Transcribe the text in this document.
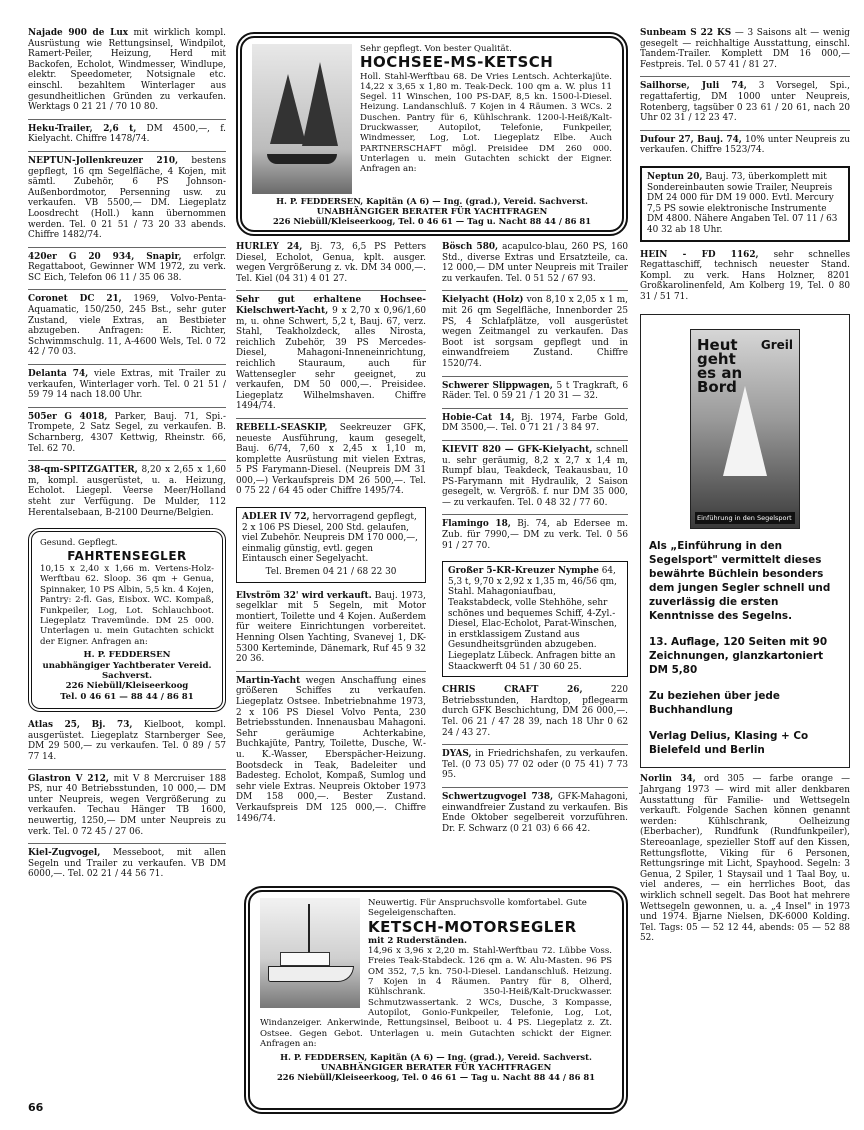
Najade 900 de Lux mit wirklich kompl. Ausrüstung wie Rettungsinsel, Windpilot, Ramert-Peiler, Heizung, Herd mit Backofen, Echolot, Windmesser, Windlupe, elektr. Speedometer, Notsignale etc. einschl. bezahltem Winterlager aus gesundheitlichen Gründen zu verkaufen. Werktags 0 21 21 / 70 10 80.
Heku-Trailer, 2,6 t, DM 4500,—, f. Kielyacht. Chiffre 1478/74.
NEPTUN-Jollenkreuzer 210, bestens gepflegt, 16 qm Segelfläche, 4 Kojen, mit sämtl. Zubehör, 6 PS Johnson-Außenbordmotor, Persenning usw. zu verkaufen. VB 5500,— DM. Liegeplatz Loosdrecht (Holl.) kann übernommen werden. Tel. 0 21 51 / 73 20 33 abends. Chiffre 1482/74.
420er G 20 934, Snapir, erfolgr. Regattaboot, Gewinner WM 1972, zu verk. SC Eich, Telefon 06 11 / 35 06 38.
Coronet DC 21, 1969, Volvo-Penta-Aquamatic, 150/250, 245 Bst., sehr guter Zustand, viele Extras, an Bestbieter abzugeben. Anfragen: E. Richter, Schwimmschulg. 11, A-4600 Wels, Tel. 0 72 42 / 70 03.
Delanta 74, viele Extras, mit Trailer zu verkaufen, Winterlager vorh. Tel. 0 21 51 / 59 79 14 nach 18.00 Uhr.
505er G 4018, Parker, Bauj. 71, Spi.-Trompete, 2 Satz Segel, zu verkaufen. B. Scharnberg, 4307 Kettwig, Rheinstr. 66, Tel. 62 70.
38-qm-SPITZGATTER, 8,20 x 2,65 x 1,60 m, kompl. ausgerüstet, u. a. Heizung, Echolot. Liegepl. Veerse Meer/Holland steht zur Verfügung. De Mulder, 112 Herentalsebaan, B-2100 Deurne/Belgien.
Gesund. Gepflegt.
FAHRTENSEGLER
10,15 x 2,40 x 1,66 m. Vertens-Holz-Werftbau 62. Sloop. 36 qm + Genua, Spinnaker, 10 PS Albin, 5,5 kn. 4 Kojen, Pantry: 2-fl. Gas, Eisbox. WC. Kompaß, Funkpeiler, Log, Lot. Schlauchboot. Liegeplatz Travemünde. DM 25 000. Unterlagen u. mein Gutachten schickt der Eigner. Anfragen an:
H. P. FEDDERSEN
unabhängiger Yachtberater Vereid. Sachverst.
226 Niebüll/Kleiseerkoog
Tel. 0 46 61 — 88 44 / 86 81
Atlas 25, Bj. 73, Kielboot, kompl. ausgerüstet. Liegeplatz Starnberger See, DM 29 500,— zu verkaufen. Tel. 0 89 / 57 77 14.
Glastron V 212, mit V 8 Mercruiser 188 PS, nur 40 Betriebsstunden, 10 000,— DM unter Neupreis, wegen Vergrößerung zu verkaufen. Techau Hänger TB 1600, neuwertig, 1250,— DM unter Neupreis zu verk. Tel. 0 72 45 / 27 06.
Kiel-Zugvogel, Messeboot, mit allen Segeln und Trailer zu verkaufen. VB DM 6000,—. Tel. 02 21 / 44 56 71.
Sehr gepflegt. Von bester Qualität.
HOCHSEE-MS-KETSCH
Holl. Stahl-Werftbau 68. De Vries Lentsch. Achterkajüte. 14,22 x 3,65 x 1,80 m. Teak-Deck. 100 qm a. W. plus 11 Segel. 11 Winschen, 100 PS-DAF, 8,5 kn. 1500-l-Diesel. Heizung. Landanschluß. 7 Kojen in 4 Räumen. 3 WCs. 2 Duschen. Pantry für 6, Kühlschrank. 1200-l-Heiß/Kalt-Druckwasser, Autopilot, Telefonie, Funkpeiler, Windmesser, Log, Lot. Liegeplatz Elbe. Auch PARTNERSCHAFT mögl. Preisidee DM 260 000. Unterlagen u. mein Gutachten schickt der Eigner. Anfragen an:
H. P. FEDDERSEN, Kapitän (A 6) — Ing. (grad.), Vereid. Sachverst.
UNABHÄNGIGER BERATER FÜR YACHTFRAGEN
226 Niebüll/Kleiseerkoog, Tel. 0 46 61 — Tag u. Nacht 88 44 / 86 81
HURLEY 24, Bj. 73, 6,5 PS Petters Diesel, Echolot, Genua, kplt. ausger. wegen Vergrößerung z. vk. DM 34 000,—. Tel. Kiel (04 31) 4 01 27.
Sehr gut erhaltene Hochsee-Kielschwert-Yacht, 9 x 2,70 x 0,96/1,60 m, u. ohne Schwert, 5,2 t, Bauj. 67, verz. Stahl, Teakholzdeck, alles Nirosta, reichlich Zubehör, 39 PS Mercedes-Diesel, Mahagoni-Inneneinrichtung, reichlich Stauraum, auch für Wattensegler sehr geeignet, zu verkaufen, DM 50 000,—. Preisidee. Liegeplatz Wilhelmshaven. Chiffre 1494/74.
REBELL-SEASKIP, Seekreuzer GFK, neueste Ausführung, kaum gesegelt, Bauj. 6/74, 7,60 x 2,45 x 1,10 m, komplette Ausrüstung mit vielen Extras, 5 PS Farymann-Diesel. (Neupreis DM 31 000,—) Verkaufspreis DM 26 500,—. Tel. 0 75 22 / 64 45 oder Chiffre 1495/74.
ADLER IV 72, hervorragend gepflegt, 2 x 106 PS Diesel, 200 Std. gelaufen, viel Zubehör. Neupreis DM 170 000,—, einmalig günstig, evtl. gegen Eintausch einer Segelyacht.
Tel. Bremen 04 21 / 68 22 30
Elvström 32' wird verkauft. Bauj. 1973, segelklar mit 5 Segeln, mit Motor montiert, Toilette und 4 Kojen. Außerdem für weitere Einrichtungen vorbereitet. Henning Olsen Yachting, Svanevej 1, DK-5300 Kerteminde, Dänemark, Ruf 45 9 32 20 36.
Martin-Yacht wegen Anschaffung eines größeren Schiffes zu verkaufen. Liegeplatz Ostsee. Inbetriebnahme 1973, 2 x 106 PS Diesel Volvo Penta, 230 Betriebsstunden. Innenausbau Mahagoni. Sehr geräumige Achterkabine, Buchkajüte, Pantry, Toilette, Dusche, W.- u. K.-Wasser, Eberspächer-Heizung. Bootsdeck in Teak, Badeleiter und Badesteg. Echolot, Kompaß, Sumlog und sehr viele Extras. Neupreis Oktober 1973 DM 158 000,—. Bester Zustand. Verkaufspreis DM 125 000,—. Chiffre 1496/74.
Bösch 580, acapulco-blau, 260 PS, 160 Std., diverse Extras und Ersatzteile, ca. 12 000,— DM unter Neupreis mit Trailer zu verkaufen. Tel. 0 51 52 / 67 93.
Kielyacht (Holz) von 8,10 x 2,05 x 1 m, mit 26 qm Segelfläche, Innenborder 25 PS, 4 Schlafplätze, voll ausgerüstet wegen Zeitmangel zu verkaufen. Das Boot ist sorgsam gepflegt und in einwandfreiem Zustand. Chiffre 1520/74.
Schwerer Slippwagen, 5 t Tragkraft, 6 Räder. Tel. 0 59 21 / 1 20 31 — 32.
Hobie-Cat 14, Bj. 1974, Farbe Gold, DM 3500,—. Tel. 0 71 21 / 3 84 97.
KIEVIT 820 — GFK-Kielyacht, schnell u. sehr geräumig, 8,2 x 2,7 x 1,4 m, Rumpf blau, Teakdeck, Teakausbau, 10 PS-Farymann mit Hydraulik, 2 Saison gesegelt, w. Vergröß. f. nur DM 35 000,— zu verkaufen. Tel. 0 48 32 / 77 60.
Flamingo 18, Bj. 74, ab Edersee m. Zub. für 7990,— DM zu verk. Tel. 0 56 91 / 27 70.
Großer 5-KR-Kreuzer Nymphe 64, 5,3 t, 9,70 x 2,92 x 1,35 m, 46/56 qm, Stahl. Mahagoniaufbau, Teakstabdeck, volle Stehhöhe, sehr schönes und bequemes Schiff, 4-Zyl.-Diesel, Elac-Echolot, Parat-Winschen, in erstklassigem Zustand aus Gesundheitsgründen abzugeben. Liegeplatz Lübeck. Anfragen bitte an Staackwerft 04 51 / 30 60 25.
CHRIS CRAFT 26,	220 Betriebsstunden, Hardtop, pflegearm durch GFK Beschichtung, DM 26 000,—. Tel. 06 21 / 47 28 39, nach 18 Uhr 0 62 24 / 43 27.
DYAS, in Friedrichshafen, zu verkaufen. Tel. (0 73 05) 77 02 oder (0 75 41) 7 73 95.
Schwertzugvogel 738, GFK-Mahagoni, einwandfreier Zustand zu verkaufen. Bis Ende Oktober segelbereit vorzuführen. Dr. F. Schwarz (0 21 03) 6 66 42.
Neuwertig. Für Anspruchsvolle komfortabel. Gute Segeleigenschaften.
KETSCH-MOTORSEGLER
mit 2 Ruderständen.
14,96 x 3,96 x 2,20 m. Stahl-Werftbau 72. Lübbe Voss. Freies Teak-Stabdeck. 126 qm a. W. Alu-Masten. 96 PS OM 352, 7,5 kn. 750-l-Diesel. Landanschluß. Heizung. 7 Kojen in 4 Räumen. Pantry für 8, Olherd, Kühlschrank. 350-l-Heiß/Kalt-Druckwasser. Schmutzwassertank. 2 WCs, Dusche, 3 Kompasse, Autopilot, Gonio-Funkpeiler, Telefonie, Log, Lot, Windanzeiger. Ankerwinde, Rettungsinsel, Beiboot u. 4 PS. Liegeplatz z. Zt. Ostsee. Gegen Gebot. Unterlagen u. mein Gutachten schickt der Eigner. Anfragen an:
H. P. FEDDERSEN, Kapitän (A 6) — Ing. (grad.), Vereid. Sachverst.
UNABHÄNGIGER BERATER FÜR YACHTFRAGEN
226 Niebüll/Kleiseerkoog, Tel. 0 46 61 — Tag u. Nacht 88 44 / 86 81
Sunbeam S 22 KS — 3 Saisons alt — wenig gesegelt — reichhaltige Ausstattung, einschl. Tandem-Trailer. Komplett DM 16 000,— Festpreis. Tel. 0 57 41 / 81 27.
Sailhorse, Juli 74, 3 Vorsegel, Spi., regattafertig, DM 1000 unter Neupreis, Rotenberg, tagsüber 0 23 61 / 20 61, nach 20 Uhr 02 31 / 12 23 47.
Dufour 27, Bauj. 74, 10% unter Neupreis zu verkaufen. Chiffre 1523/74.
Neptun 20, Bauj. 73, überkomplett mit Sondereinbauten sowie Trailer, Neupreis DM 24 000 für DM 19 000. Evtl. Mercury 7,5 PS sowie elektronische Instrumente DM 4800. Nähere Angaben Tel. 07 11 / 63 40 32 ab 18 Uhr.
HEIN - FD 1162, sehr schnelles Regattaschiff, technisch neuester Stand. Kompl. zu verk. Hans Holzner, 8201 Großkarolinenfeld, Am Kolberg 19, Tel. 0 80 31 / 51 71.
Heut geht es an Bord
Greil
Einführung in den Segelsport

Als „Einführung in den Segelsport" vermittelt dieses bewährte Büchlein besonders dem jungen Segler schnell und zuverlässig die ersten Kenntnisse des Segelns.

13. Auflage, 120 Seiten mit 90 Zeichnungen, glanzkartoniert DM 5,80

Zu beziehen über jede Buchhandlung

Verlag Delius, Klasing + Co Bielefeld und Berlin

Norlin 34, ord 305 — farbe orange — Jahrgang 1973 — wird mit aller denkbaren Ausstattung für Familie- und Wettsegeln verkauft. Folgende Sachen können genannt werden: Kühlschrank, Oelheizung (Eberbacher), Rundfunk (Rundfunkpeiler), Stereoanlage, spezieller Stoff auf den Kissen, Rettungsflotte, Viking für 6 Personen, Rettungsringe mit Licht, Spayhood. Segeln: 3 Genua, 2 Spiler, 1 Staysail und 1 Taal Boy, u. viel anderes, — ein herrliches Boot, das wirklich schnell segelt. Das Boot hat mehrere Wettsegeln gewonnen, u. a. „4 Insel" in 1973 und 1974. Bjarne Nielsen, DK-6000 Kolding. Tel. Tags: 05 — 52 12 44, abends: 05 — 52 88 52.
66
